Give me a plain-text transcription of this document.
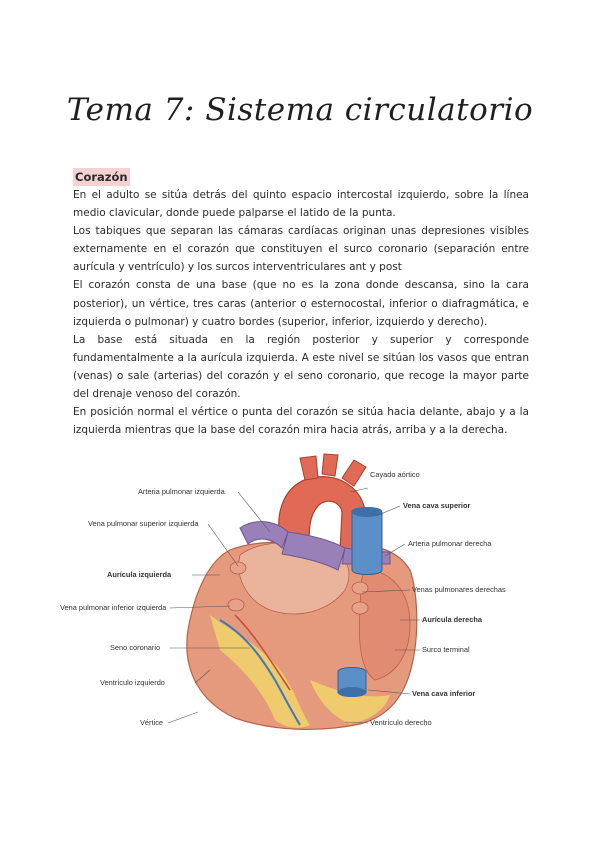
Tema 7: Sistema circulatorio
Corazón

En el adulto se sitúa detrás del quinto espacio intercostal izquierdo, sobre la línea medio clavicular, donde puede palparse el latido de la punta.

Los tabiques que separan las cámaras cardíacas originan unas depresiones visibles externamente en el corazón que constituyen el surco coronario (separación entre aurícula y ventrículo) y los surcos interventriculares ant y post

El corazón consta de una base (que no es la zona donde descansa, sino la cara posterior), un vértice, tres caras (anterior o esternocostal, inferior o diafragmática, e izquierda o pulmonar) y cuatro bordes (superior, inferior, izquierdo y derecho).

La base está situada en la región posterior y superior y corresponde fundamentalmente a la aurícula izquierda. A este nivel se sitúan los vasos que entran (venas) o sale (arterias) del corazón y el seno coronario, que recoge la mayor parte del drenaje venoso del corazón.

En posición normal el vértice o punta del corazón se sitúa hacia delante, abajo y a la izquierda mientras que la base del corazón mira hacia atrás, arriba y a la derecha.

Cayado aórtico
Arteria pulmonar izquierda
Vena cava superior
Vena pulmonar superior izquierda
Arteria pulmonar derecha
Aurícula izquierda
Venas pulmonares derechas
Vena pulmonar inferior izquierda
Aurícula derecha
Seno coronario	Surco terminal
Ventrículo izquierdo
Vena cava inferior
Vértice	Ventrículo derecho
